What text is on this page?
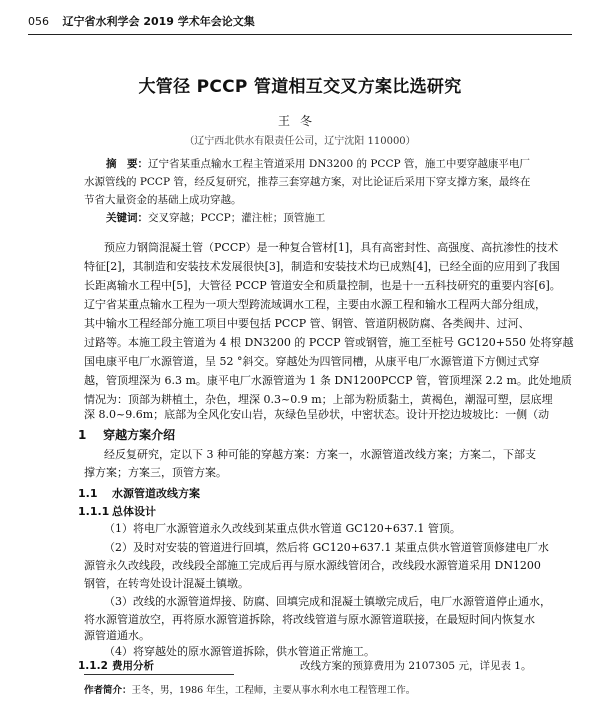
056 辽宁省水利学会 2019 学术年会论文集
大管径 PCCP 管道相互交叉方案比选研究
王冬
（辽宁西北供水有限责任公司，辽宁沈阳 110000）
摘　要：辽宁省某重点输水工程主管道采用 DN3200 的 PCCP 管，施工中要穿越康平电厂
水源管线的 PCCP 管，经反复研究，推荐三套穿越方案，对比论证后采用下穿支撑方案，最终在
节省大量资金的基础上成功穿越。
关键词：交叉穿越；PCCP；灌注桩；顶管施工
预应力钢筒混凝土管（PCCP）是一种复合管材[1]，具有高密封性、高强度、高抗渗性的技术
特征[2]，其制造和安装技术发展很快[3]，制造和安装技术均已成熟[4]，已经全面的应用到了我国
长距离输水工程中[5]，大管径 PCCP 管道安全和质量控制，也是十一五科技研究的重要内容[6]。
辽宁省某重点输水工程为一项大型跨流域调水工程，主要由水源工程和输水工程两大部分组成，
其中输水工程经部分施工项目中要包括 PCCP 管、钢管、管道阴极防腐、各类阀井、过河、
过路等。本施工段主管道为 4 根 DN3200 的 PCCP 管或钢管，施工至桩号 GC120+550 处将穿越
国电康平电厂水源管道，呈 52 °斜交。穿越处为四管同槽，从康平电厂水源管道下方侧过式穿
越，管顶埋深为 6.3 m。康平电厂水源管道为 1 条 DN1200PCCP 管，管顶埋深 2.2 m。此处地质
情况为：顶部为耕植土，杂色，埋深 0.3~0.9 m；上部为粉质黏土，黄褐色，潮湿可塑，层底埋
深 8.0~9.6m；底部为全风化安山岩，灰绿色呈砂状，中密状态。设计开挖边坡坡比：一侧（动
1 穿越方案介绍
经反复研究，定以下 3 种可能的穿越方案：方案一，水源管道改线方案；方案二，下部支
撑方案；方案三，顶管方案。
1.1 水源管道改线方案
1.1.1 总体设计
（1）将电厂水源管道永久改线到某重点供水管道 GC120+637.1 管顶。
（2）及时对安装的管道进行回填，然后将 GC120+637.1 某重点供水管道管顶修建电厂水
源管永久改线段，改线段全部施工完成后再与原水源线管闭合，改线段水源管道采用 DN1200
钢管，在转弯处设计混凝土镇墩。
（3）改线的水源管道焊接、防腐、回填完成和混凝土镇墩完成后，电厂水源管道停止通水，
将水源管道放空，再将原水源管道拆除，将改线管道与原水源管道联接，在最短时间内恢复水
源管道通水。
（4）将穿越处的原水源管道拆除，供水管道正常施工。
1.1.2 费用分析	改线方案的预算费用为 2107305 元，详见表 1。
作者简介：王冬，男，1986 年生，工程师，主要从事水利水电工程管理工作。
